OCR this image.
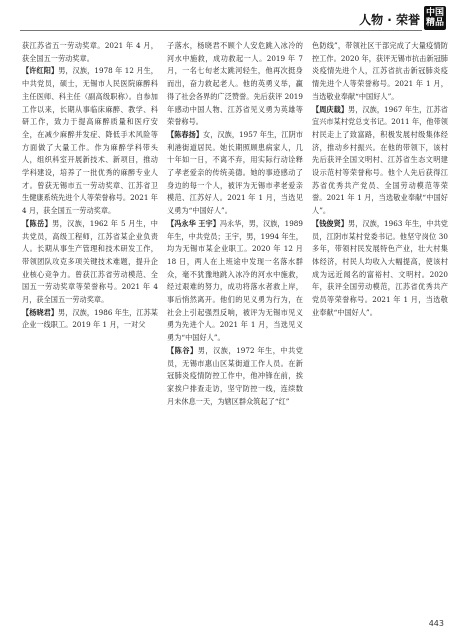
人物 · 荣誉 中国
精品

获江苏省五一劳动奖章。2021 年 4 月，获全国五一劳动奖章。

【许红阳】男，汉族，1978 年 12 月生，中共党员，硕士，无锡市人民医院麻醉科主任医师、科主任（副高级职称）。自参加工作以来，长期从事临床麻醉、教学、科研工作，致力于提高麻醉质量和医疗安全，在减少麻醉并发症、降低手术风险等方面做了大量工作。作为麻醉学科带头人，组织科室开展新技术、新项目，推动学科建设，培养了一批优秀的麻醉专业人才。曾获无锡市五一劳动奖章、江苏省卫生健康系统先进个人等荣誉称号。2021 年 4 月，获全国五一劳动奖章。

【陈岳】男，汉族，1962 年 5 月生，中共党员，高级工程师，江苏省某企业负责人。长期从事生产管理和技术研发工作，带领团队攻克多项关键技术难题，提升企业核心竞争力。曾获江苏省劳动模范、全国五一劳动奖章等荣誉称号。2021 年 4 月，获全国五一劳动奖章。

【杨晓君】男，汉族，1986 年生，江苏某企业一线职工。2019 年 1 月，一对父

子落水，杨晓君不顾个人安危跳入冰冷的河水中施救，成功救起一人。2019 年 7 月，一名七旬老太跳河轻生，他再次挺身而出，奋力救起老人。他的英勇义举，赢得了社会各界的广泛赞誉。先后获评 2019 年感动中国人物、江苏省见义勇为英雄等荣誉称号。

【陈春扬】女，汉族，1957 年生，江阴市利港街道居民。她长期照顾患病家人，几十年如一日，不离不弃，用实际行动诠释了孝老爱亲的传统美德。她的事迹感动了身边的每一个人，被评为无锡市孝老爱亲模范、江苏好人。2021 年 1 月，当选见义勇为“中国好人”。

【冯永华 王宇】冯永华，男，汉族，1989 年生，中共党员；王宇，男，1994 年生，均为无锡市某企业职工。2020 年 12 月 18 日，两人在上班途中发现一名落水群众，毫不犹豫地跳入冰冷的河水中施救，经过艰难的努力，成功将落水者救上岸，事后悄然离开。他们的见义勇为行为，在社会上引起强烈反响，被评为无锡市见义勇为先进个人。2021 年 1 月，当选见义勇为“中国好人”。

【陈谷】男，汉族，1972 年生，中共党员，无锡市惠山区某街道工作人员。在新冠肺炎疫情防控工作中，他冲锋在前，挨家挨户排查走访，坚守防控一线，连续数月未休息一天，为辖区群众筑起了“红”

色防线”，带领社区干部完成了大量疫情防控工作。2020 年，获评无锡市抗击新冠肺炎疫情先进个人，江苏省抗击新冠肺炎疫情先进个人等荣誉称号。2021 年 1 月，当选敬业奉献“中国好人”。

【周庆载】男，汉族，1967 年生，江苏省宜兴市某村党总支书记。2011 年，他带领村民走上了致富路，积极发展村级集体经济，推动乡村振兴。在他的带领下，该村先后获评全国文明村、江苏省生态文明建设示范村等荣誉称号。他个人先后获得江苏省优秀共产党员、全国劳动模范等荣誉。2021 年 1 月，当选敬业奉献“中国好人”。

【钱俊贤】男，汉族，1963 年生，中共党员，江阴市某村党委书记。他坚守岗位 30 多年，带领村民发展特色产业，壮大村集体经济，村民人均收入大幅提高，使该村成为远近闻名的富裕村、文明村。2020 年，获评全国劳动模范，江苏省优秀共产党员等荣誉称号。2021 年 1 月，当选敬业奉献“中国好人”。

443
